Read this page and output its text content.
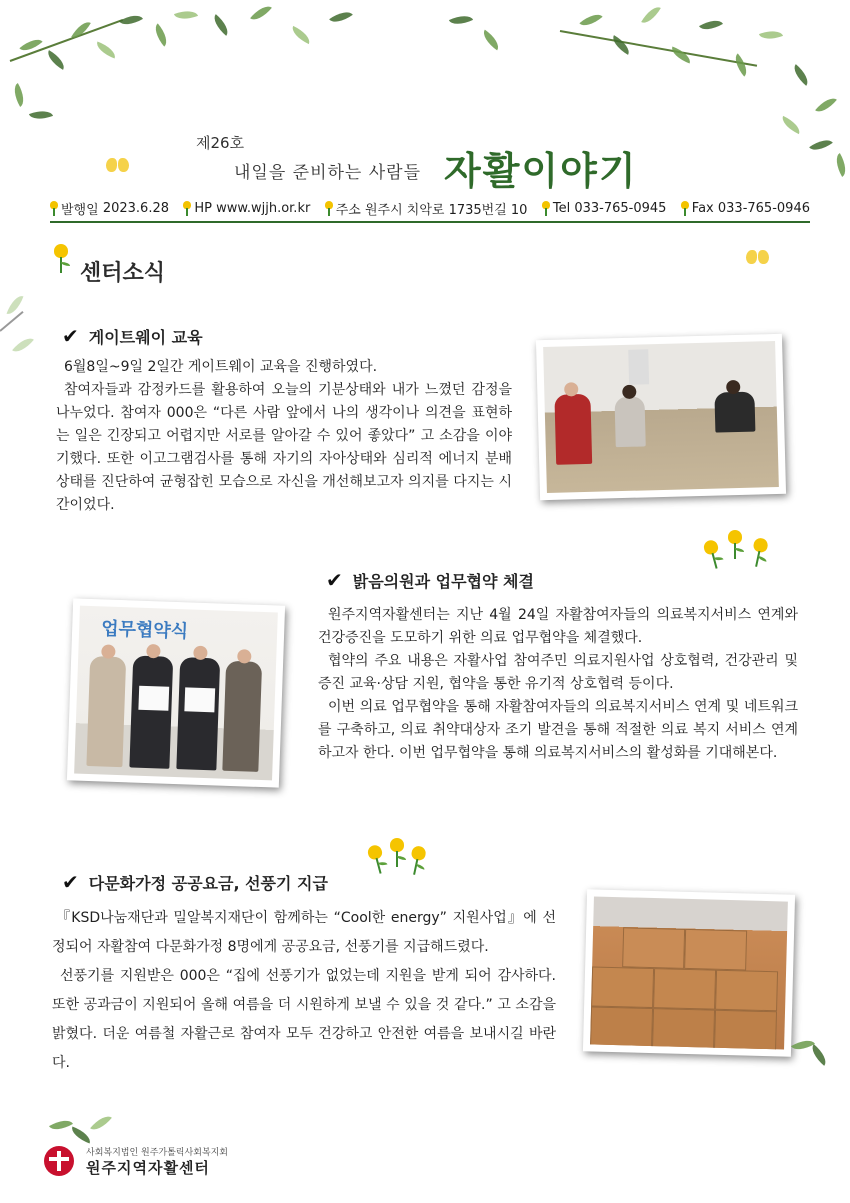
제26호
내일을 준비하는 사람들 자활이야기
발행일
2023.6.28 HP
www.wjjh.or.kr 주소
원주시 치악로 1735번길 10 Tel
033-765-0945 Fax
033-765-0946
센터소식
✔ 게이트웨이 교육

6월8일~9일 2일간 게이트웨이 교육을 진행하였다.

참여자들과 감정카드를 활용하여 오늘의 기분상태와 내가 느꼈던 감정을 나누었다. 참여자 000은 “다른 사람 앞에서 나의 생각이나 의견을 표현하는 일은 긴장되고 어렵지만 서로를 알아갈 수 있어 좋았다” 고 소감을 이야기했다. 또한 이고그램검사를 통해 자기의 자아상태와 심리적 에너지 분배 상태를 진단하여 균형잡힌 모습으로 자신을 개선해보고자 의지를 다지는 시간이었다.

✔ 밝음의원과 업무협약 체결
업무협약식

원주지역자활센터는 지난 4월 24일 자활참여자들의 의료복지서비스 연계와 건강증진을 도모하기 위한 의료 업무협약을 체결했다.

협약의 주요 내용은 자활사업 참여주민 의료지원사업 상호협력, 건강관리 및 증진 교육·상담 지원, 협약을 통한 유기적 상호협력 등이다.

이번 의료 업무협약을 통해 자활참여자들의 의료복지서비스 연계 및 네트워크를 구축하고, 의료 취약대상자 조기 발견을 통해 적절한 의료 복지 서비스 연계하고자 한다. 이번 업무협약을 통해 의료복지서비스의 활성화를 기대해본다.

✔ 다문화가정 공공요금, 선풍기 지급

『KSD나눔재단과 밀알복지재단이 함께하는 “Cool한 energy” 지원사업』에 선정되어 자활참여 다문화가정 8명에게 공공요금, 선풍기를 지급해드렸다.

선풍기를 지원받은 000은 “집에 선풍기가 없었는데 지원을 받게 되어 감사하다. 또한 공과금이 지원되어 올해 여름을 더 시원하게 보낼 수 있을 것 같다.” 고 소감을 밝혔다. 더운 여름철 자활근로 참여자 모두 건강하고 안전한 여름을 보내시길 바란다.

사회복지법인 원주가톨릭사회복지회
원주지역자활센터
